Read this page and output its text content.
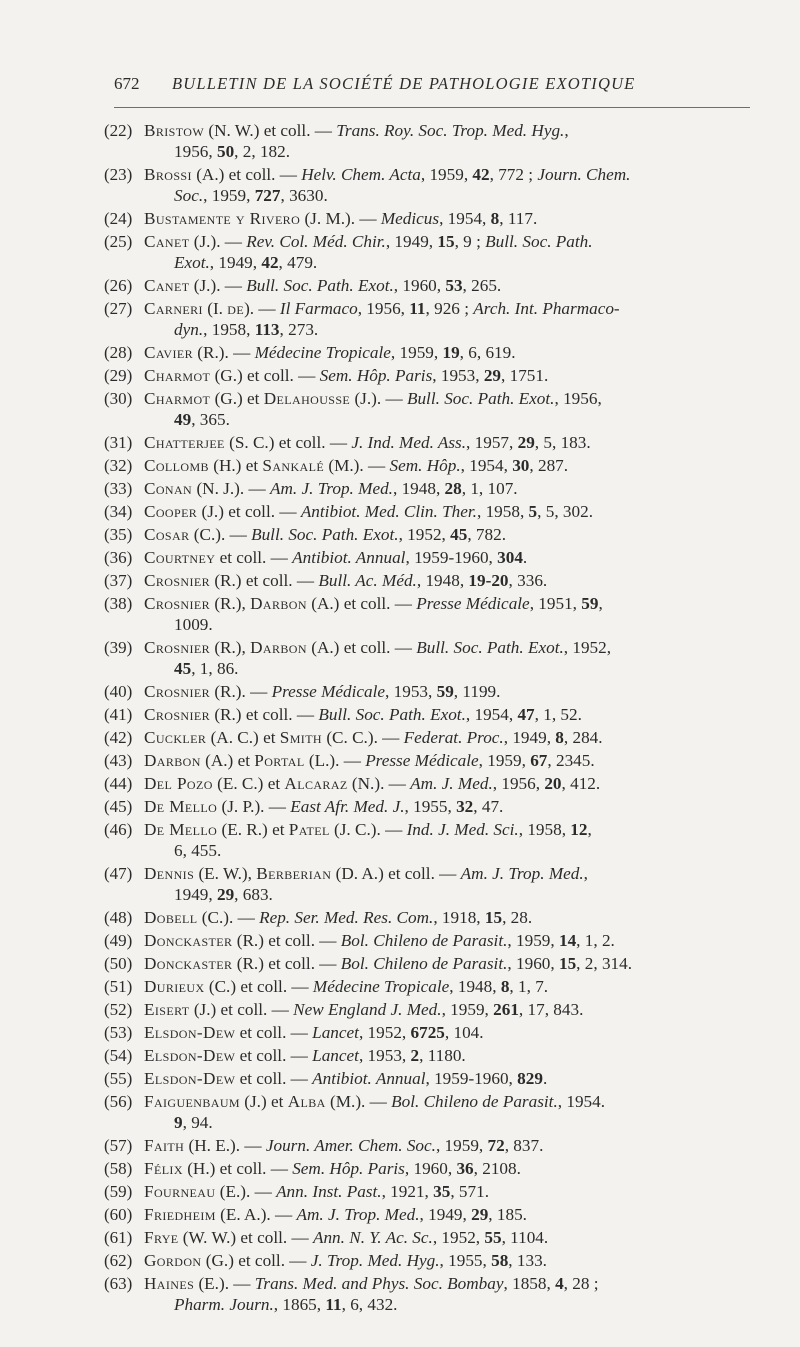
672 BULLETIN DE LA SOCIÉTÉ DE PATHOLOGIE EXOTIQUE
(22) Bristow (N. W.) et coll. — Trans. Roy. Soc. Trop. Med. Hyg.,
1956, 50, 2, 182.
(23) Brossi (A.) et coll. — Helv. Chem. Acta, 1959, 42, 772 ; Journ. Chem.
Soc., 1959, 727, 3630.
(24) Bustamente y Rivero (J. M.). — Medicus, 1954, 8, 117.
(25) Canet (J.). — Rev. Col. Méd. Chir., 1949, 15, 9 ; Bull. Soc. Path.
Exot., 1949, 42, 479.
(26) Canet (J.). — Bull. Soc. Path. Exot., 1960, 53, 265.
(27) Carneri (I. de). — Il Farmaco, 1956, 11, 926 ; Arch. Int. Pharmaco-
dyn., 1958, 113, 273.
(28) Cavier (R.). — Médecine Tropicale, 1959, 19, 6, 619.
(29) Charmot (G.) et coll. — Sem. Hôp. Paris, 1953, 29, 1751.
(30) Charmot (G.) et Delahousse (J.). — Bull. Soc. Path. Exot., 1956,
49, 365.
(31) Chatterjee (S. C.) et coll. — J. Ind. Med. Ass., 1957, 29, 5, 183.
(32) Collomb (H.) et Sankalé (M.). — Sem. Hôp., 1954, 30, 287.
(33) Conan (N. J.). — Am. J. Trop. Med., 1948, 28, 1, 107.
(34) Cooper (J.) et coll. — Antibiot. Med. Clin. Ther., 1958, 5, 5, 302.
(35) Cosar (C.). — Bull. Soc. Path. Exot., 1952, 45, 782.
(36) Courtney et coll. — Antibiot. Annual, 1959-1960, 304.
(37) Crosnier (R.) et coll. — Bull. Ac. Méd., 1948, 19-20, 336.
(38) Crosnier (R.), Darbon (A.) et coll. — Presse Médicale, 1951, 59,
1009.
(39) Crosnier (R.), Darbon (A.) et coll. — Bull. Soc. Path. Exot., 1952,
45, 1, 86.
(40) Crosnier (R.). — Presse Médicale, 1953, 59, 1199.
(41) Crosnier (R.) et coll. — Bull. Soc. Path. Exot., 1954, 47, 1, 52.
(42) Cuckler (A. C.) et Smith (C. C.). — Federat. Proc., 1949, 8, 284.
(43) Darbon (A.) et Portal (L.). — Presse Médicale, 1959, 67, 2345.
(44) Del Pozo (E. C.) et Alcaraz (N.). — Am. J. Med., 1956, 20, 412.
(45) De Mello (J. P.). — East Afr. Med. J., 1955, 32, 47.
(46) De Mello (E. R.) et Patel (J. C.). — Ind. J. Med. Sci., 1958, 12,
6, 455.
(47) Dennis (E. W.), Berberian (D. A.) et coll. — Am. J. Trop. Med.,
1949, 29, 683.
(48) Dobell (C.). — Rep. Ser. Med. Res. Com., 1918, 15, 28.
(49) Donckaster (R.) et coll. — Bol. Chileno de Parasit., 1959, 14, 1, 2.
(50) Donckaster (R.) et coll. — Bol. Chileno de Parasit., 1960, 15, 2, 314.
(51) Durieux (C.) et coll. — Médecine Tropicale, 1948, 8, 1, 7.
(52) Eisert (J.) et coll. — New England J. Med., 1959, 261, 17, 843.
(53) Elsdon-Dew et coll. — Lancet, 1952, 6725, 104.
(54) Elsdon-Dew et coll. — Lancet, 1953, 2, 1180.
(55) Elsdon-Dew et coll. — Antibiot. Annual, 1959-1960, 829.
(56) Faiguenbaum (J.) et Alba (M.). — Bol. Chileno de Parasit., 1954.
9, 94.
(57) Faith (H. E.). — Journ. Amer. Chem. Soc., 1959, 72, 837.
(58) Félix (H.) et coll. — Sem. Hôp. Paris, 1960, 36, 2108.
(59) Fourneau (E.). — Ann. Inst. Past., 1921, 35, 571.
(60) Friedheim (E. A.). — Am. J. Trop. Med., 1949, 29, 185.
(61) Frye (W. W.) et coll. — Ann. N. Y. Ac. Sc., 1952, 55, 1104.
(62) Gordon (G.) et coll. — J. Trop. Med. Hyg., 1955, 58, 133.
(63) Haines (E.). — Trans. Med. and Phys. Soc. Bombay, 1858, 4, 28 ;
Pharm. Journ., 1865, 11, 6, 432.
